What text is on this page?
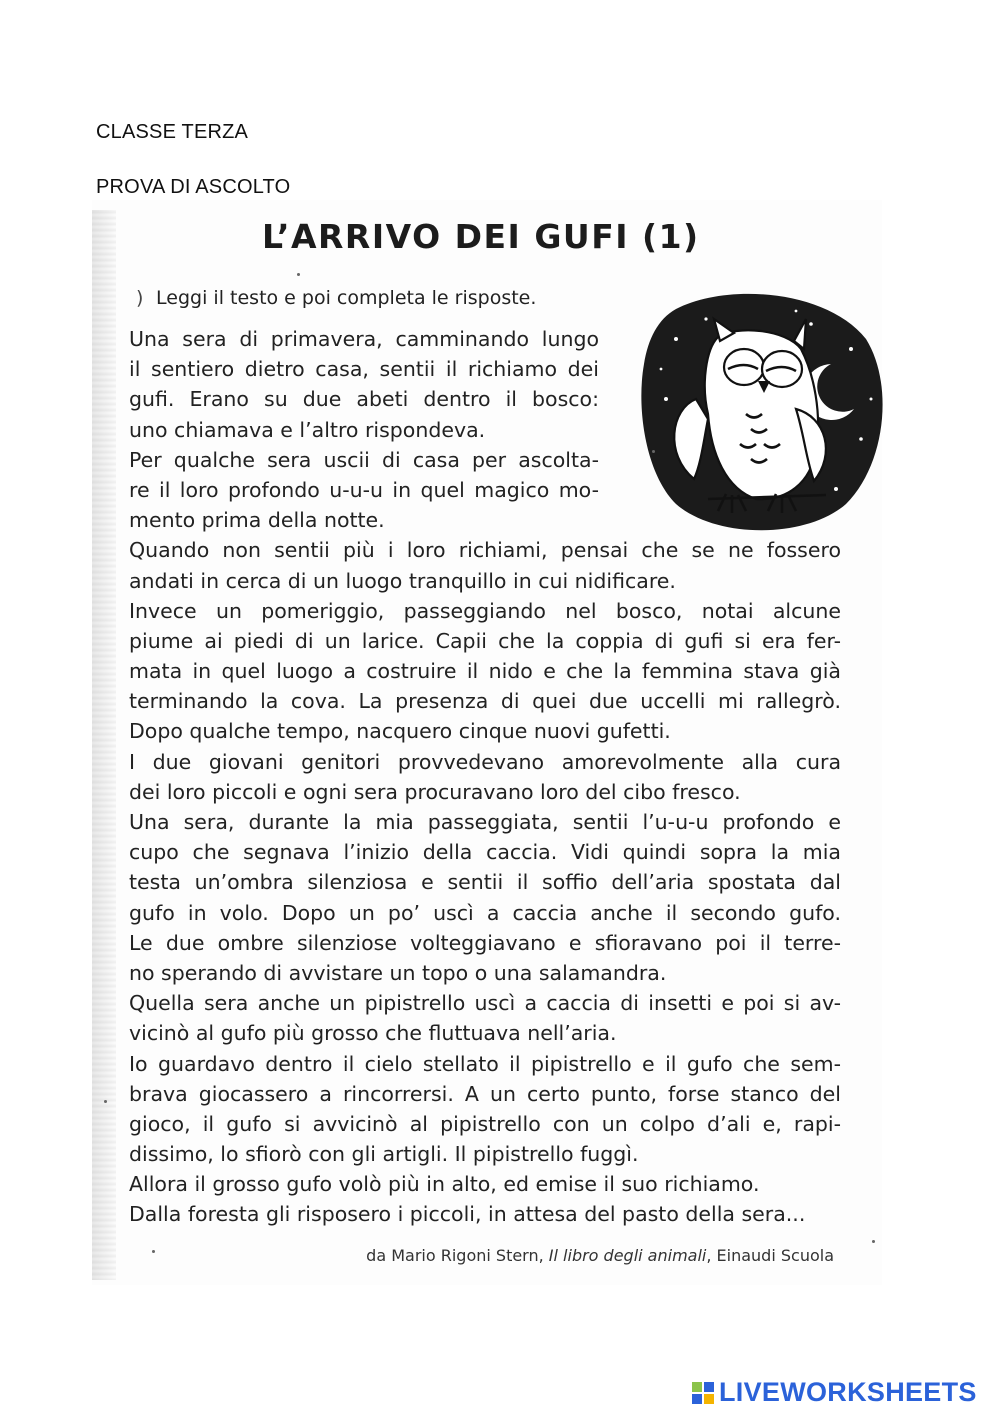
CLASSE TERZA
PROVA DI ASCOLTO
L’ARRIVO DEI GUFI (1)
) Leggi il testo e poi completa le risposte.
Una sera di primavera, camminando lungo
il sentiero dietro casa, sentii il richiamo dei
gufi. Erano su due abeti dentro il bosco:
uno chiamava e l’altro rispondeva.
Per qualche sera uscii di casa per ascolta-
re il loro profondo u-u-u in quel magico mo-
mento prima della notte.
Quando non sentii più i loro richiami, pensai che se ne fossero
andati in cerca di un luogo tranquillo in cui nidificare.
Invece un pomeriggio, passeggiando nel bosco, notai alcune
piume ai piedi di un larice. Capii che la coppia di gufi si era fer-
mata in quel luogo a costruire il nido e che la femmina stava già
terminando la cova. La presenza di quei due uccelli mi rallegrò.
Dopo qualche tempo, nacquero cinque nuovi gufetti.
I due giovani genitori provvedevano amorevolmente alla cura
dei loro piccoli e ogni sera procuravano loro del cibo fresco.
Una sera, durante la mia passeggiata, sentii l’u-u-u profondo e
cupo che segnava l’inizio della caccia. Vidi quindi sopra la mia
testa un’ombra silenziosa e sentii il soffio dell’aria spostata dal
gufo in volo. Dopo un po’ uscì a caccia anche il secondo gufo.
Le due ombre silenziose volteggiavano e sfioravano poi il terre-
no sperando di avvistare un topo o una salamandra.
Quella sera anche un pipistrello uscì a caccia di insetti e poi si av-
vicinò al gufo più grosso che fluttuava nell’aria.
Io guardavo dentro il cielo stellato il pipistrello e il gufo che sem-
brava giocassero a rincorrersi. A un certo punto, forse stanco del
gioco, il gufo si avvicinò al pipistrello con un colpo d’ali e, rapi-
dissimo, lo sfiorò con gli artigli. Il pipistrello fuggì.
Allora il grosso gufo volò più in alto, ed emise il suo richiamo.
Dalla foresta gli risposero i piccoli, in attesa del pasto della sera...
da Mario Rigoni Stern, Il libro degli animali, Einaudi Scuola
LIVEWORKSHEETS
